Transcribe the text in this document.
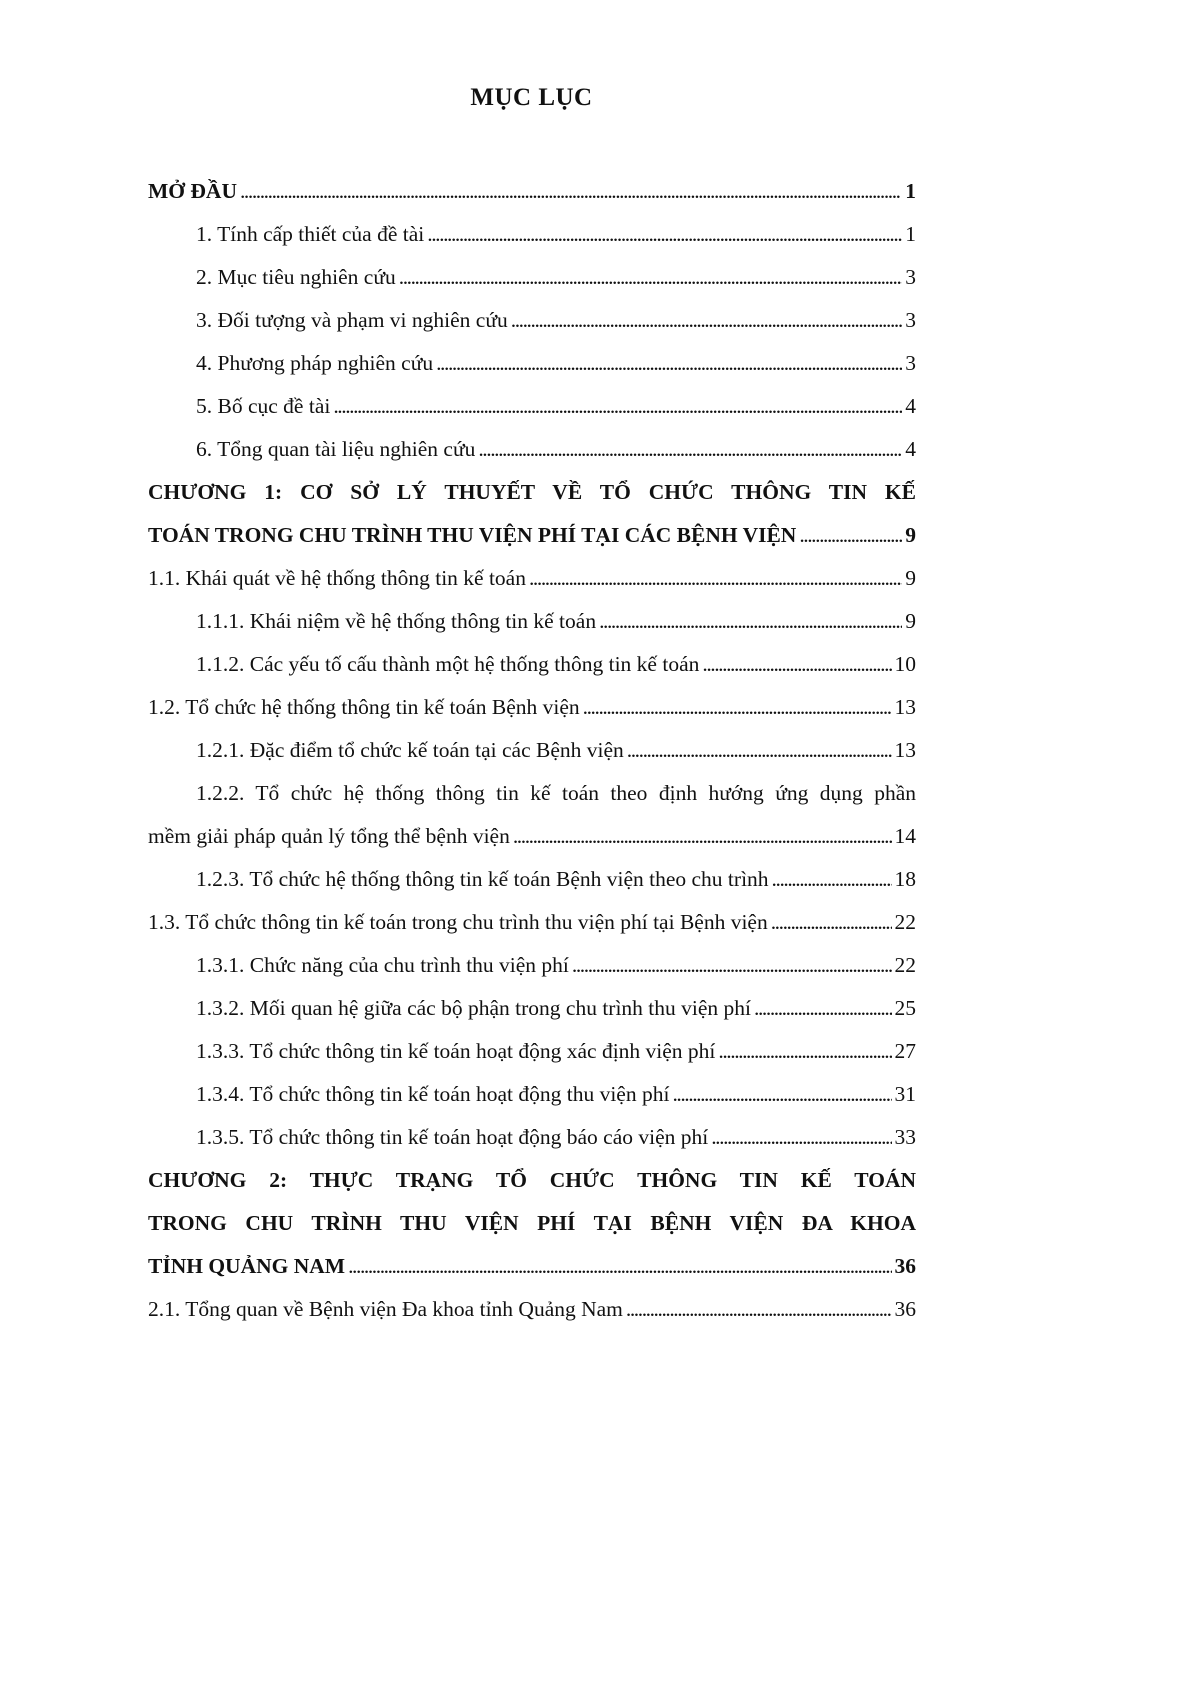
MỤC LỤC
MỞ ĐẦU . . .	1
1. Tính cấp thiết của đề tài . . .	1
2. Mục tiêu nghiên cứu . . .	3
3. Đối tượng và phạm vi nghiên cứu . . .	3
4. Phương pháp nghiên cứu . . .	3
5. Bố cục đề tài . . .	4
6. Tổng quan tài liệu nghiên cứu . . .	4
CHƯƠNG 1: CƠ SỞ LÝ THUYẾT VỀ TỔ CHỨC THÔNG TIN KẾ
TOÁN TRONG CHU TRÌNH THU VIỆN PHÍ TẠI CÁC BỆNH VIỆN . . .	9
1.1. Khái quát về hệ thống thông tin kế toán . . .	9
1.1.1. Khái niệm về hệ thống thông tin kế toán . . .	9
1.1.2. Các yếu tố cấu thành một hệ thống thông tin kế toán . . .	10
1.2. Tổ chức hệ thống thông tin kế toán Bệnh viện . . .	13
1.2.1. Đặc điểm tổ chức kế toán tại các Bệnh viện . . .	13
1.2.2. Tổ chức hệ thống thông tin kế toán theo định hướng ứng dụng phần
mềm giải pháp quản lý tổng thể bệnh viện . . .	14
1.2.3. Tổ chức hệ thống thông tin kế toán Bệnh viện theo chu trình . . .	18
1.3. Tổ chức thông tin kế toán trong chu trình thu viện phí tại Bệnh viện . . .	22
1.3.1. Chức năng của chu trình thu viện phí . . .	22
1.3.2. Mối quan hệ giữa các bộ phận trong chu trình thu viện phí . . .	25
1.3.3. Tổ chức thông tin kế toán hoạt động xác định viện phí . . .	27
1.3.4. Tổ chức thông tin kế toán hoạt động thu viện phí . . .	31
1.3.5. Tổ chức thông tin kế toán hoạt động báo cáo viện phí . . .	33
CHƯƠNG 2: THỰC TRẠNG TỔ CHỨC THÔNG TIN KẾ TOÁN
TRONG CHU TRÌNH THU VIỆN PHÍ TẠI BỆNH VIỆN ĐA KHOA
TỈNH QUẢNG NAM . . .	36
2.1. Tổng quan về Bệnh viện Đa khoa tỉnh Quảng Nam . . .	36
